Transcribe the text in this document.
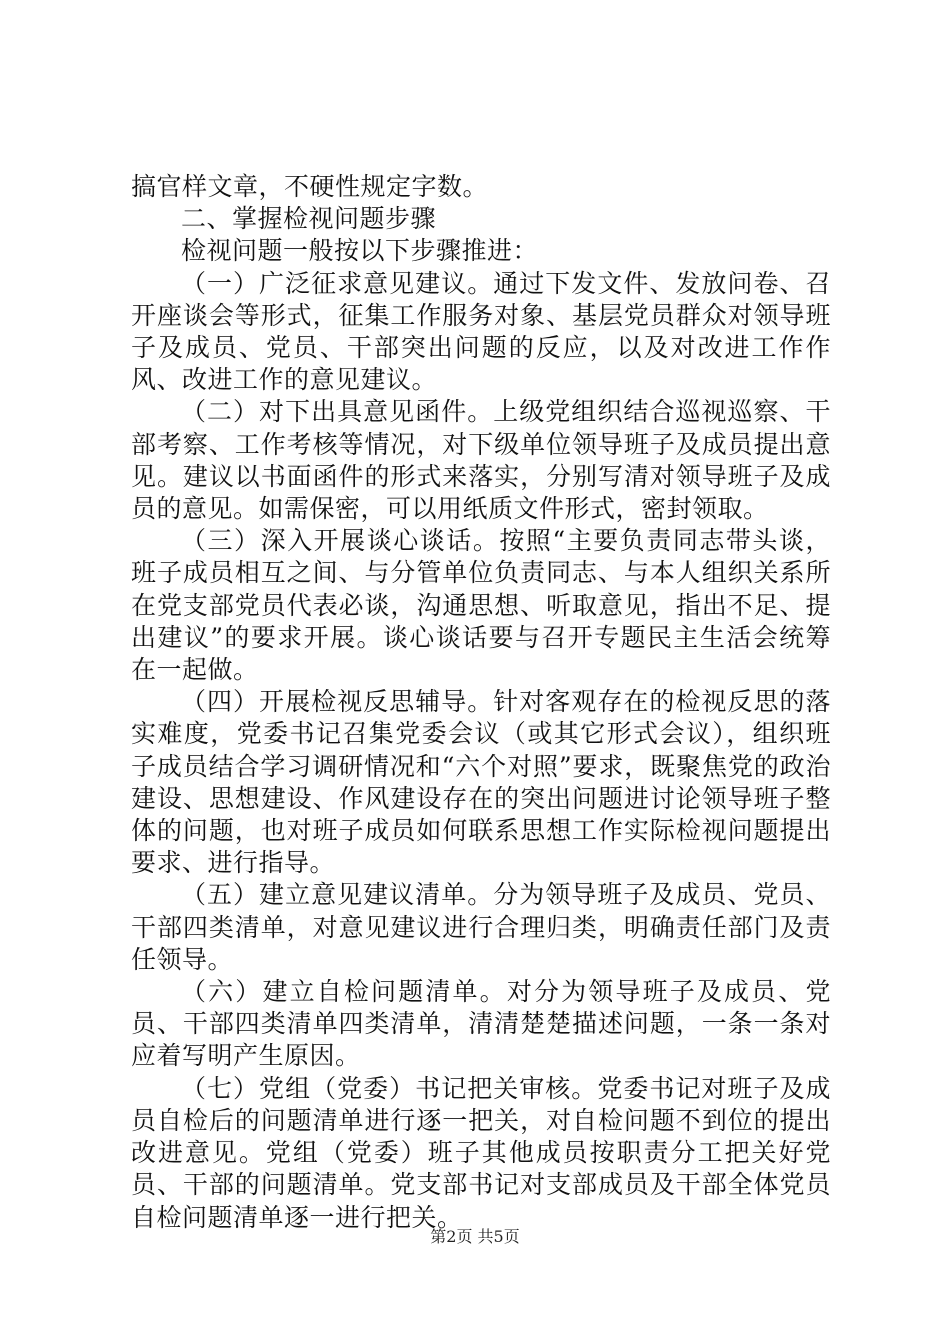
搞官样文章，不硬性规定字数。

二、掌握检视问题步骤

检视问题一般按以下步骤推进：

（一）广泛征求意见建议。通过下发文件、发放问卷、召开座谈会等形式，征集工作服务对象、基层党员群众对领导班子及成员、党员、干部突出问题的反应，以及对改进工作作风、改进工作的意见建议。

（二）对下出具意见函件。上级党组织结合巡视巡察、干部考察、工作考核等情况，对下级单位领导班子及成员提出意见。建议以书面函件的形式来落实，分别写清对领导班子及成员的意见。如需保密，可以用纸质文件形式，密封领取。

（三）深入开展谈心谈话。按照“主要负责同志带头谈，班子成员相互之间、与分管单位负责同志、与本人组织关系所在党支部党员代表必谈，沟通思想、听取意见，指出不足、提出建议”的要求开展。谈心谈话要与召开专题民主生活会统筹在一起做。

（四）开展检视反思辅导。针对客观存在的检视反思的落实难度，党委书记召集党委会议（或其它形式会议），组织班子成员结合学习调研情况和“六个对照”要求，既聚焦党的政治建设、思想建设、作风建设存在的突出问题进讨论领导班子整体的问题，也对班子成员如何联系思想工作实际检视问题提出要求、进行指导。

（五）建立意见建议清单。分为领导班子及成员、党员、干部四类清单，对意见建议进行合理归类，明确责任部门及责任领导。

（六）建立自检问题清单。对分为领导班子及成员、党员、干部四类清单四类清单，清清楚楚描述问题，一条一条对应着写明产生原因。

（七）党组（党委）书记把关审核。党委书记对班子及成员自检后的问题清单进行逐一把关，对自检问题不到位的提出改进意见。党组（党委）班子其他成员按职责分工把关好党员、干部的问题清单。党支部书记对支部成员及干部全体党员自检问题清单逐一进行把关。

第2页 共5页
